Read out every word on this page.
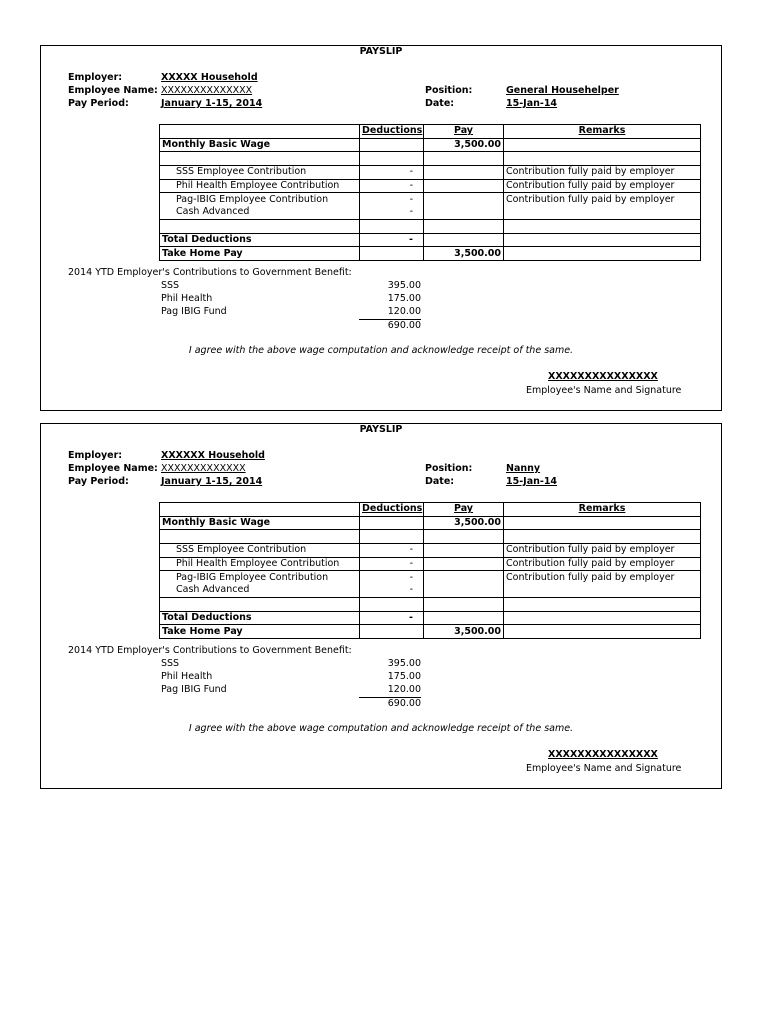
PAYSLIP
Employer:	XXXXX Household
Employee Name: XXXXXXXXXXXXXX
Pay Period:	January 1-15, 2014
Position:	General Househelper
Date:	15-Jan-14
	Deductions	Pay	Remarks
Monthly Basic Wage		3,500.00	

SSS Employee Contribution	-		Contribution fully paid by employer
Phil Health Employee Contribution	-		Contribution fully paid by employer
Pag-IBIG Employee Contribution	-		Contribution fully paid by employer
Cash Advanced	-		

Total Deductions	-		
Take Home Pay		3,500.00	
2014 YTD Employer's Contributions to Government Benefit:
SSS	395.00
Phil Health	175.00
Pag IBIG Fund	120.00
690.00
I agree with the above wage computation and acknowledge receipt of the same.
XXXXXXXXXXXXXXX
Employee's Name and Signature
PAYSLIP
Employer:	XXXXXX Household
Employee Name: XXXXXXXXXXXXX
Pay Period:	January 1-15, 2014
Position:	Nanny
Date:	15-Jan-14
	Deductions	Pay	Remarks
Monthly Basic Wage		3,500.00	

SSS Employee Contribution	-		Contribution fully paid by employer
Phil Health Employee Contribution	-		Contribution fully paid by employer
Pag-IBIG Employee Contribution	-		Contribution fully paid by employer
Cash Advanced	-		

Total Deductions	-		
Take Home Pay		3,500.00	
2014 YTD Employer's Contributions to Government Benefit:
SSS	395.00
Phil Health	175.00
Pag IBIG Fund	120.00
690.00
I agree with the above wage computation and acknowledge receipt of the same.
XXXXXXXXXXXXXXX
Employee's Name and Signature
